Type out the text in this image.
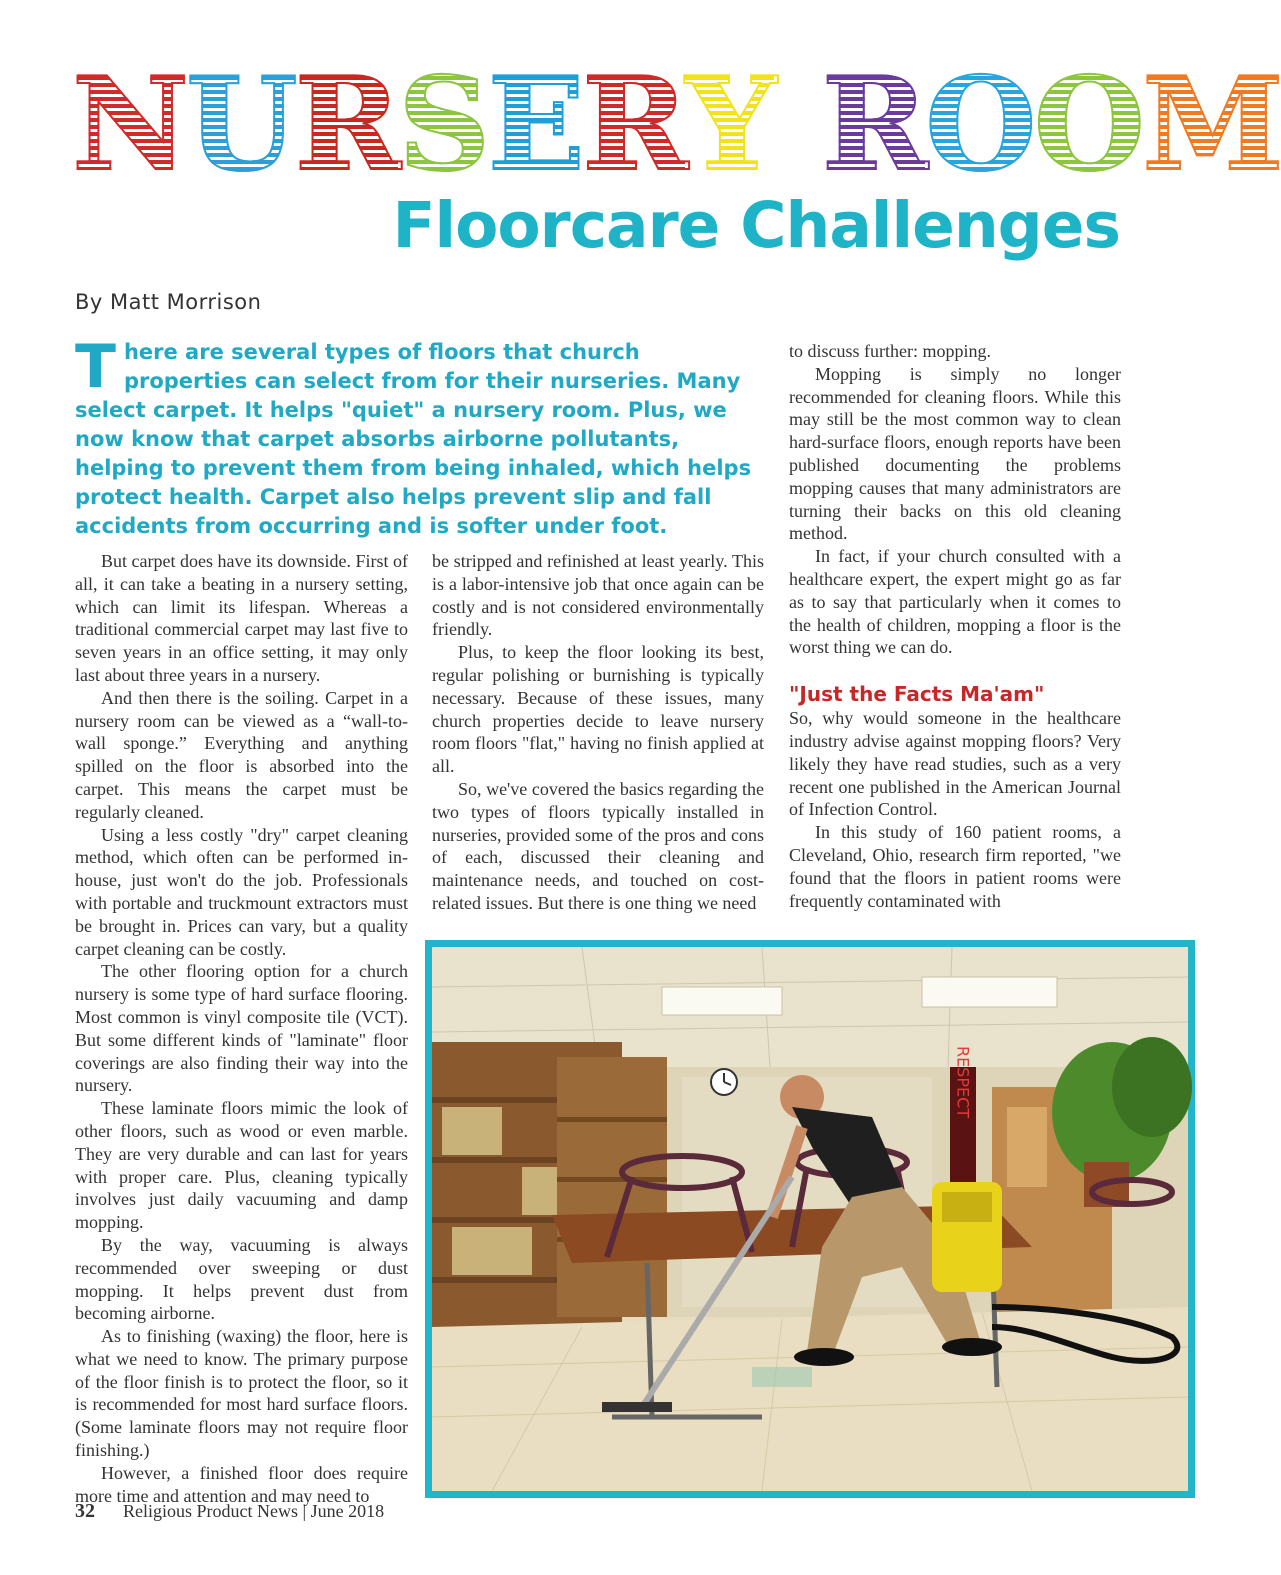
NURSERY ROOM
Floorcare Challenges

By Matt Morrison

There are several types of floors that church properties can select from for their nurseries. Many select carpet. It helps "quiet" a nursery room. Plus, we now know that carpet absorbs airborne pollutants, helping to prevent them from being inhaled, which helps protect health. Carpet also helps prevent slip and fall accidents from occurring and is softer under foot.

But carpet does have its downside. First of all, it can take a beating in a nursery setting, which can limit its lifespan. Whereas a traditional commercial carpet may last five to seven years in an office setting, it may only last about three years in a nursery.

And then there is the soiling. Carpet in a nursery room can be viewed as a “wall-to-wall sponge.” Everything and anything spilled on the floor is absorbed into the carpet. This means the carpet must be regularly cleaned.

Using a less costly "dry" carpet cleaning method, which often can be performed in-house, just won't do the job. Professionals with portable and truckmount extractors must be brought in. Prices can vary, but a quality carpet cleaning can be costly.

The other flooring option for a church nursery is some type of hard surface flooring. Most common is vinyl composite tile (VCT). But some different kinds of "laminate" floor coverings are also finding their way into the nursery.

These laminate floors mimic the look of other floors, such as wood or even marble. They are very durable and can last for years with proper care. Plus, cleaning typically involves just daily vacuuming and damp mopping.

By the way, vacuuming is always recommended over sweeping or dust mopping. It helps prevent dust from becoming airborne.

As to finishing (waxing) the floor, here is what we need to know. The primary purpose of the floor finish is to protect the floor, so it is recommended for most hard surface floors. (Some laminate floors may not require floor finishing.)

However, a finished floor does require more time and attention and may need to

be stripped and refinished at least yearly. This is a labor-intensive job that once again can be costly and is not considered environmentally friendly.

Plus, to keep the floor looking its best, regular polishing or burnishing is typically necessary. Because of these issues, many church properties decide to leave nursery room floors "flat," having no finish applied at all.

So, we've covered the basics regarding the two types of floors typically installed in nurseries, provided some of the pros and cons of each, discussed their cleaning and maintenance needs, and touched on cost-related issues. But there is one thing we need

to discuss further: mopping.

Mopping is simply no longer recommended for cleaning floors. While this may still be the most common way to clean hard-surface floors, enough reports have been published documenting the problems mopping causes that many administrators are turning their backs on this old cleaning method.

In fact, if your church consulted with a healthcare expert, the expert might go as far as to say that particularly when it comes to the health of children, mopping a floor is the worst thing we can do.

"Just the Facts Ma'am"

So, why would someone in the healthcare industry advise against mopping floors? Very likely they have read studies, such as a very recent one published in the American Journal of Infection Control.

In this study of 160 patient rooms, a Cleveland, Ohio, research firm reported, "we found that the floors in patient rooms were frequently contaminated with

RESPECT

32 Religious Product News | June 2018
